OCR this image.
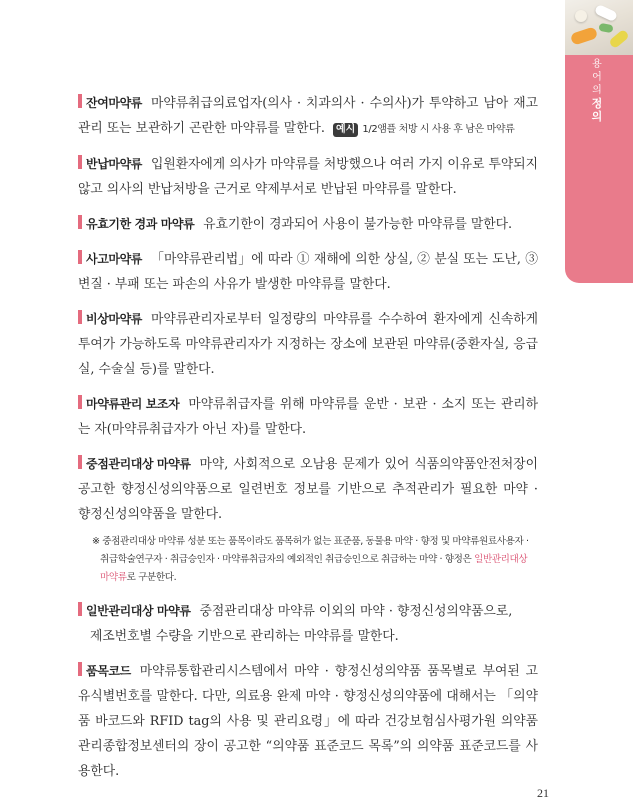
용
어
의
정의
잔여마약류 마약류취급의료업자(의사 · 치과의사 · 수의사)가 투약하고 남아 재고 관리 또는 보관하기 곤란한 마약류를 말한다. 예시 1/2앰플 처방 시 사용 후 남은 마약류
반납마약류 입원환자에게 의사가 마약류를 처방했으나 여러 가지 이유로 투약되지 않고 의사의 반납처방을 근거로 약제부서로 반납된 마약류를 말한다.
유효기한 경과 마약류 유효기한이 경과되어 사용이 불가능한 마약류를 말한다.
사고마약류 「마약류관리법」에 따라 ① 재해에 의한 상실, ② 분실 또는 도난, ③ 변질 · 부패 또는 파손의 사유가 발생한 마약류를 말한다.
비상마약류 마약류관리자로부터 일정량의 마약류를 수수하여 환자에게 신속하게 투여가 가능하도록 마약류관리자가 지정하는 장소에 보관된 마약류(중환자실, 응급실, 수술실 등)를 말한다.
마약류관리 보조자 마약류취급자를 위해 마약류를 운반 · 보관 · 소지 또는 관리하는 자(마약류취급자가 아닌 자)를 말한다.
중점관리대상 마약류 마약, 사회적으로 오남용 문제가 있어 식품의약품안전처장이 공고한 향정신성의약품으로 일련번호 정보를 기반으로 추적관리가 필요한 마약 · 향정신성의약품을 말한다.
※ 중점관리대상 마약류 성분 또는 품목이라도 품목허가 없는 표준품, 동물용 마약 · 향정 및 마약류원료사용자 · 취급학술연구자 · 취급승인자 · 마약류취급자의 예외적인 취급승인으로 취급하는 마약 · 향정은 일반관리대상 마약류로 구분한다.
일반관리대상 마약류 중점관리대상 마약류 이외의 마약 · 향정신성의약품으로,
제조번호별 수량을 기반으로 관리하는 마약류를 말한다.
품목코드 마약류통합관리시스템에서 마약 · 향정신성의약품 품목별로 부여된 고유식별번호를 말한다. 다만, 의료용 완제 마약 · 향정신성의약품에 대해서는 「의약품 바코드와 RFID tag의 사용 및 관리요령」에 따라 건강보험심사평가원 의약품관리종합정보센터의 장이 공고한 “의약품 표준코드 목록”의 의약품 표준코드를 사용한다.
21
